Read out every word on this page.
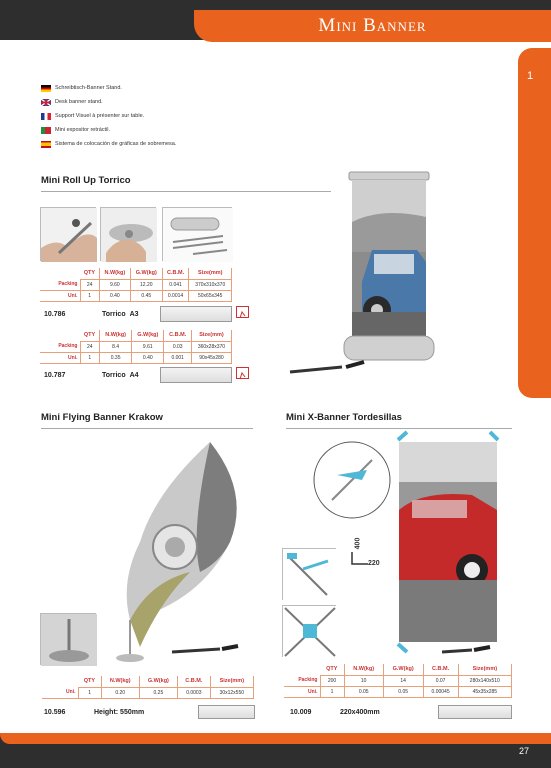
Mini Banner
1
Schreibtisch-Banner Stand.
Desk banner stand.
Support Visuel à présenter sur table.
Mini expositor retráctil.
Sistema de colocación de gráficas de sobremesa.
Mini Roll Up Torrico
	QTY	N.W(kg)	G.W(kg)	C.B.M.	Size(mm)
Packing	24	9.60	12.20	0.041	370x310x370
Uni.	1	0.40	0.45	0.0014	50x65x345
10.786	Torrico A3
	QTY	N.W(kg)	G.W(kg)	C.B.M.	Size(mm)
Packing	24	8.4	9.61	0.03	360x28x370
Uni.	1	0.35	0.40	0.001	90x45x280
10.787	Torrico A4
Mini Flying Banner Krakow
	QTY	N.W(kg)	G.W(kg)	C.B.M.	Size(mm)
Uni.	1	0.20	0.25	0.0003	30x12x550
10.596	Height: 550mm
Mini X-Banner Tordesillas
400
220
	QTY	N.W(kg)	G.W(kg)	C.B.M.	Size(mm)
Packing	200	10	14	0.07	280x140x510
Uni.	1	0.05	0.05	0.00045	45x35x285
10.009	220x400mm
27
